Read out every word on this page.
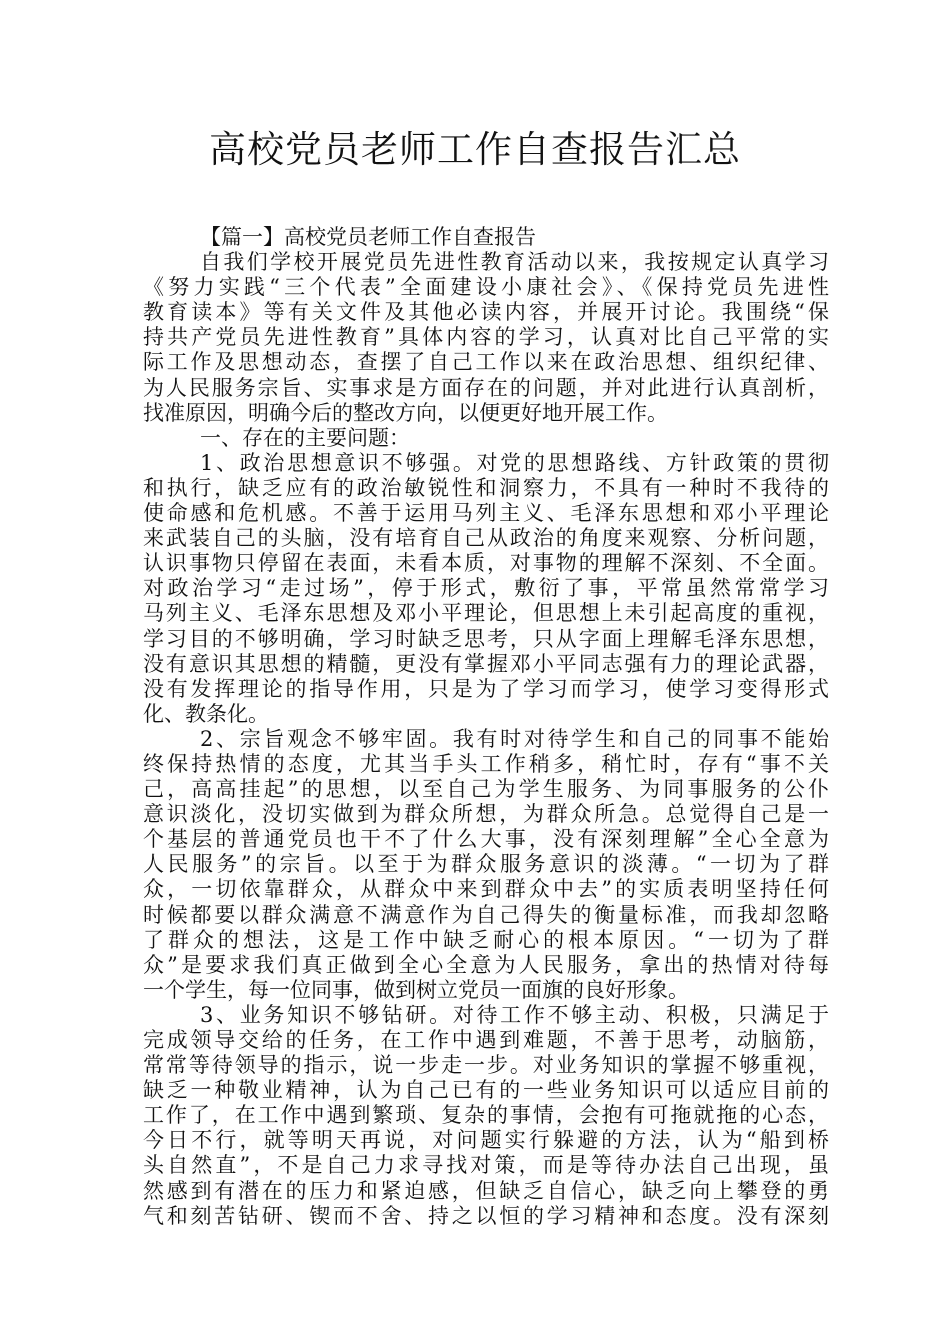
高校党员老师工作自查报告汇总
【篇一】高校党员老师工作自查报告
自我们学校开展党员先进性教育活动以来，我按规定认真学习
《努力实践“三个代表”全面建设小康社会》、《保持党员先进性
教育读本》等有关文件及其他必读内容，并展开讨论。我围绕“保
持共产党员先进性教育”具体内容的学习，认真对比自己平常的实
际工作及思想动态，查摆了自己工作以来在政治思想、组织纪律、
为人民服务宗旨、实事求是方面存在的问题，并对此进行认真剖析，
找准原因，明确今后的整改方向，以便更好地开展工作。
一、存在的主要问题：
1、政治思想意识不够强。对党的思想路线、方针政策的贯彻
和执行，缺乏应有的政治敏锐性和洞察力，不具有一种时不我待的
使命感和危机感。不善于运用马列主义、毛泽东思想和邓小平理论
来武装自己的头脑，没有培育自己从政治的角度来观察、分析问题，
认识事物只停留在表面，未看本质，对事物的理解不深刻、不全面。
对政治学习“走过场”，停于形式，敷衍了事，平常虽然常常学习
马列主义、毛泽东思想及邓小平理论，但思想上未引起高度的重视，
学习目的不够明确，学习时缺乏思考，只从字面上理解毛泽东思想，
没有意识其思想的精髓，更没有掌握邓小平同志强有力的理论武器，
没有发挥理论的指导作用，只是为了学习而学习，使学习变得形式
化、教条化。
2、宗旨观念不够牢固。我有时对待学生和自己的同事不能始
终保持热情的态度，尤其当手头工作稍多，稍忙时，存有“事不关
己，高高挂起”的思想，以至自己为学生服务、为同事服务的公仆
意识淡化，没切实做到为群众所想，为群众所急。总觉得自己是一
个基层的普通党员也干不了什么大事，没有深刻理解”全心全意为
人民服务”的宗旨。以至于为群众服务意识的淡薄。“一切为了群
众，一切依靠群众，从群众中来到群众中去”的实质表明坚持任何
时候都要以群众满意不满意作为自己得失的衡量标准，而我却忽略
了群众的想法，这是工作中缺乏耐心的根本原因。“一切为了群
众”是要求我们真正做到全心全意为人民服务，拿出的热情对待每
一个学生，每一位同事，做到树立党员一面旗的良好形象。
3、业务知识不够钻研。对待工作不够主动、积极，只满足于
完成领导交给的任务，在工作中遇到难题，不善于思考，动脑筋，
常常等待领导的指示，说一步走一步。对业务知识的掌握不够重视，
缺乏一种敬业精神，认为自己已有的一些业务知识可以适应目前的
工作了，在工作中遇到繁琐、复杂的事情，会抱有可拖就拖的心态，
今日不行，就等明天再说，对问题实行躲避的方法，认为“船到桥
头自然直”，不是自己力求寻找对策，而是等待办法自己出现，虽
然感到有潜在的压力和紧迫感，但缺乏自信心，缺乏向上攀登的勇
气和刻苦钻研、锲而不舍、持之以恒的学习精神和态度。没有深刻
